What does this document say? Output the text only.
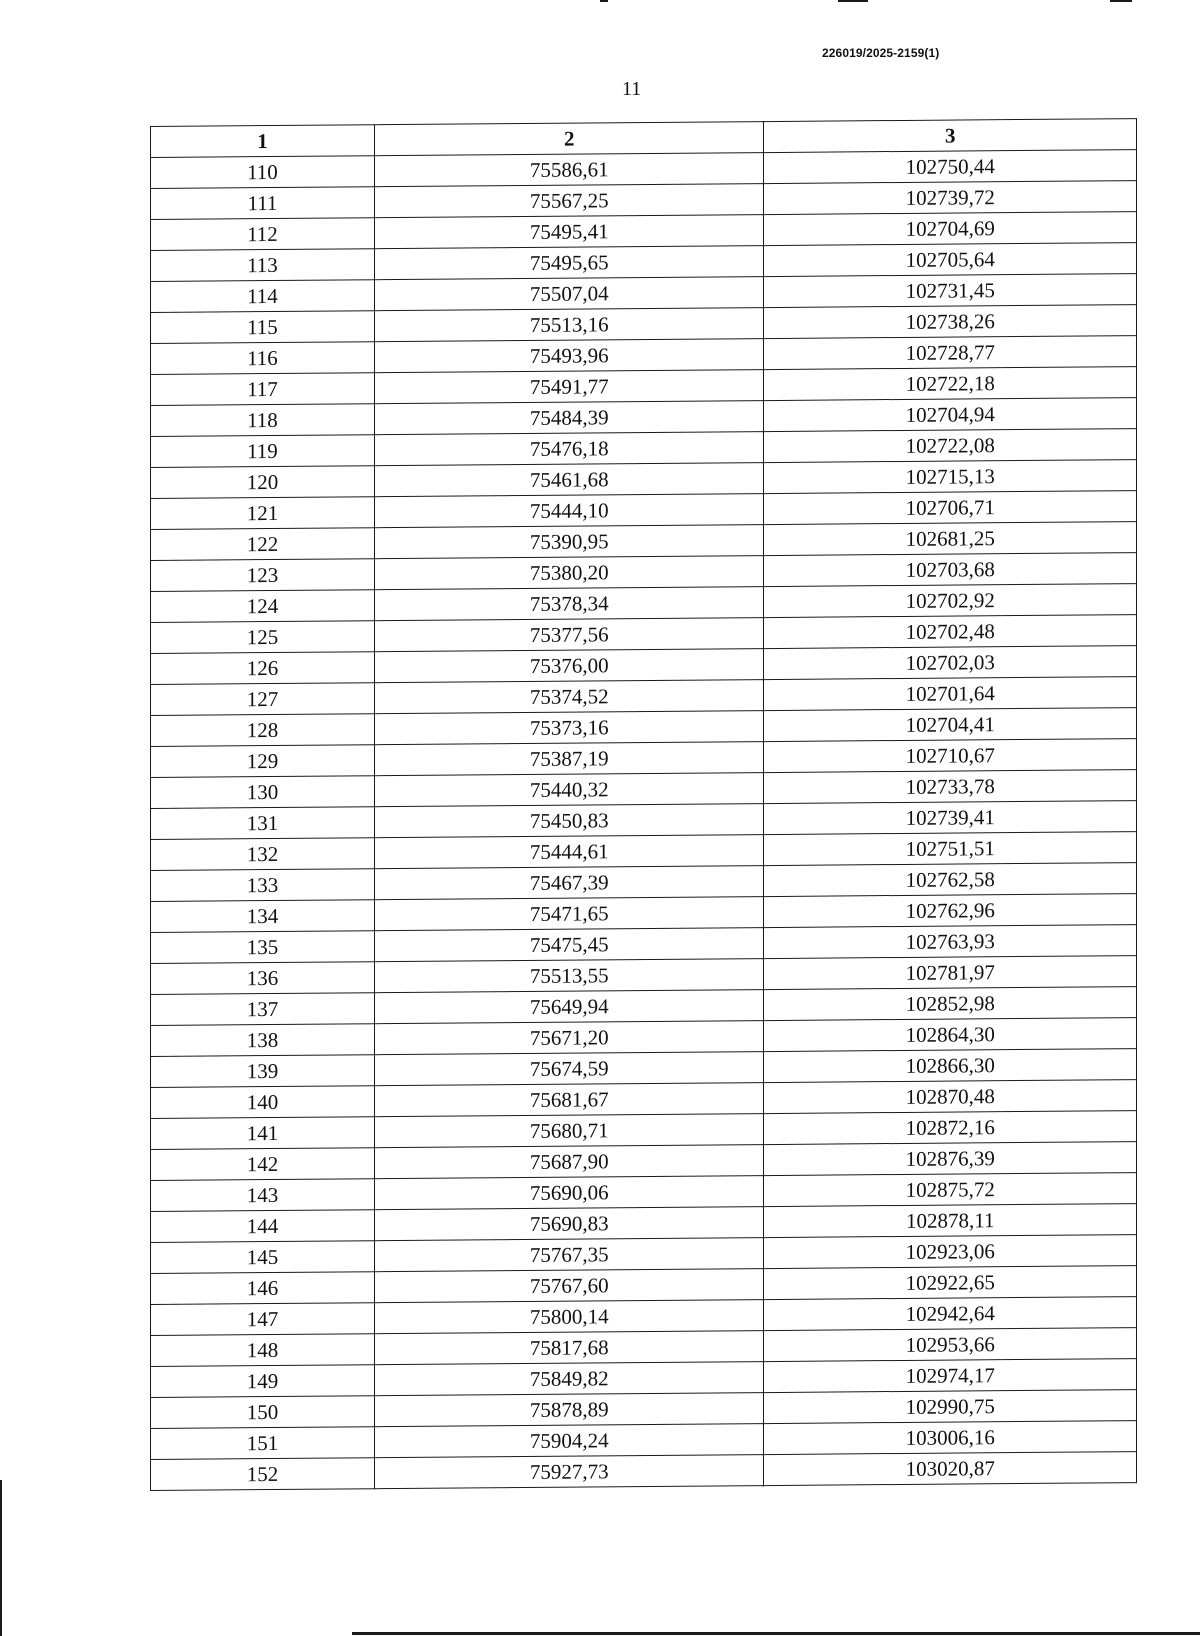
226019/2025-2159(1)
11
1	2	3
110	75586,61	102750,44
111	75567,25	102739,72
112	75495,41	102704,69
113	75495,65	102705,64
114	75507,04	102731,45
115	75513,16	102738,26
116	75493,96	102728,77
117	75491,77	102722,18
118	75484,39	102704,94
119	75476,18	102722,08
120	75461,68	102715,13
121	75444,10	102706,71
122	75390,95	102681,25
123	75380,20	102703,68
124	75378,34	102702,92
125	75377,56	102702,48
126	75376,00	102702,03
127	75374,52	102701,64
128	75373,16	102704,41
129	75387,19	102710,67
130	75440,32	102733,78
131	75450,83	102739,41
132	75444,61	102751,51
133	75467,39	102762,58
134	75471,65	102762,96
135	75475,45	102763,93
136	75513,55	102781,97
137	75649,94	102852,98
138	75671,20	102864,30
139	75674,59	102866,30
140	75681,67	102870,48
141	75680,71	102872,16
142	75687,90	102876,39
143	75690,06	102875,72
144	75690,83	102878,11
145	75767,35	102923,06
146	75767,60	102922,65
147	75800,14	102942,64
148	75817,68	102953,66
149	75849,82	102974,17
150	75878,89	102990,75
151	75904,24	103006,16
152	75927,73	103020,87
